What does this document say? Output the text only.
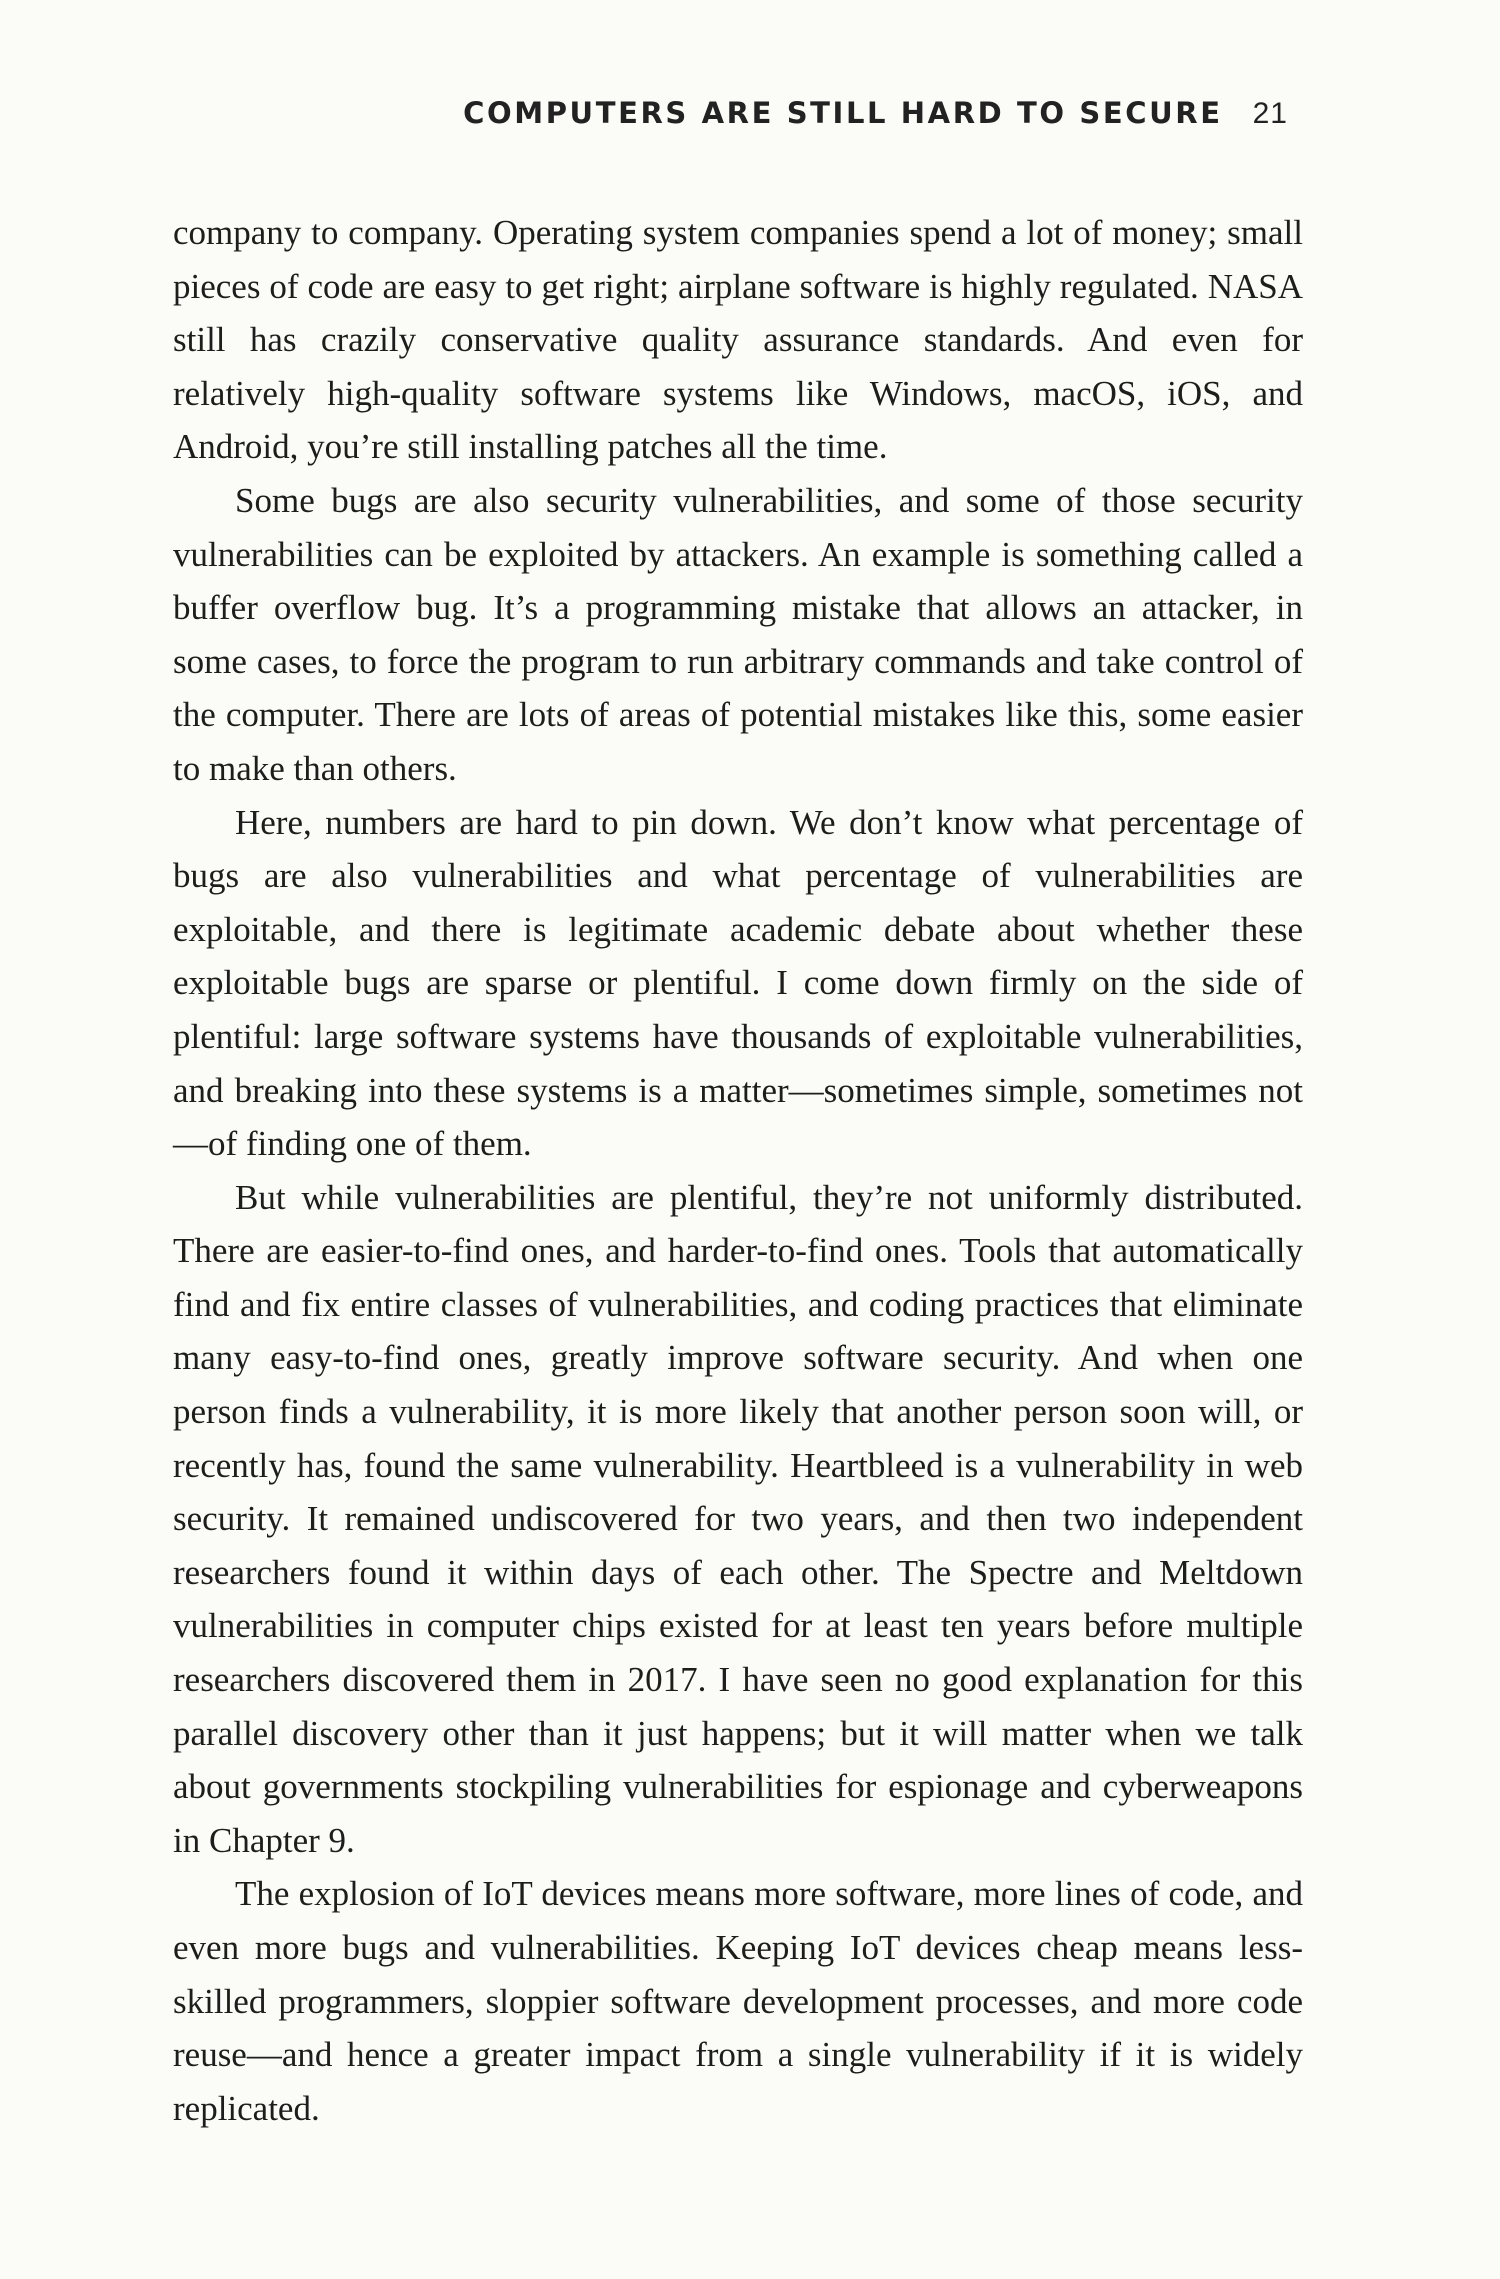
COMPUTERS ARE STILL HARD TO SECURE 21

company to company. Operating system companies spend a lot of money; small pieces of code are easy to get right; airplane software is highly regulated. NASA still has crazily conservative quality assurance standards. And even for relatively high-quality software systems like Windows, macOS, iOS, and Android, you’re still installing patches all the time.

Some bugs are also security vulnerabilities, and some of those security vulnerabilities can be exploited by attackers. An example is something called a buffer overflow bug. It’s a programming mistake that allows an attacker, in some cases, to force the program to run arbitrary commands and take control of the computer. There are lots of areas of potential mistakes like this, some easier to make than others.

Here, numbers are hard to pin down. We don’t know what percentage of bugs are also vulnerabilities and what percentage of vulnerabilities are exploitable, and there is legitimate academic debate about whether these exploitable bugs are sparse or plentiful. I come down firmly on the side of plentiful: large software systems have thousands of exploitable vulnerabilities, and breaking into these systems is a matter—sometimes simple, sometimes not—of finding one of them.

But while vulnerabilities are plentiful, they’re not uniformly distributed. There are easier-to-find ones, and harder-to-find ones. Tools that automatically find and fix entire classes of vulnerabilities, and coding practices that eliminate many easy-to-find ones, greatly improve software security. And when one person finds a vulnerability, it is more likely that another person soon will, or recently has, found the same vulnerability. Heartbleed is a vulnerability in web security. It remained undiscovered for two years, and then two independent researchers found it within days of each other. The Spectre and Meltdown vulnerabilities in computer chips existed for at least ten years before multiple researchers discovered them in 2017. I have seen no good explanation for this parallel discovery other than it just happens; but it will matter when we talk about governments stockpiling vulnerabilities for espionage and cyberweapons in Chapter 9.

The explosion of IoT devices means more software, more lines of code, and even more bugs and vulnerabilities. Keeping IoT devices cheap means less-skilled programmers, sloppier software development processes, and more code reuse—and hence a greater impact from a single vulnerability if it is widely replicated.
